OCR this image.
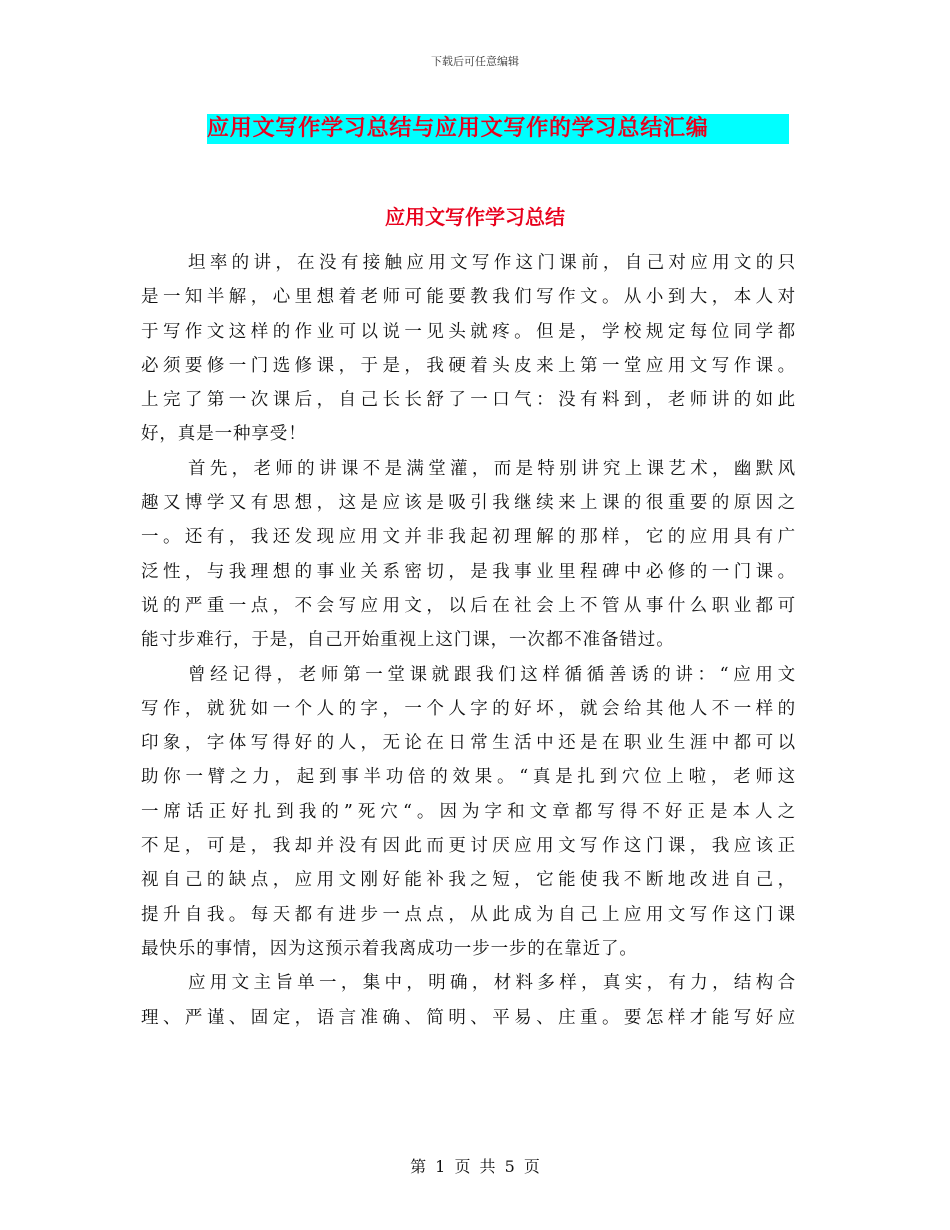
下载后可任意编辑
应用文写作学习总结与应用文写作的学习总结汇编
应用文写作学习总结
坦率的讲，在没有接触应用文写作这门课前，自己对应用文的只
是一知半解，心里想着老师可能要教我们写作文。从小到大，本人对
于写作文这样的作业可以说一见头就疼。但是，学校规定每位同学都
必须要修一门选修课，于是，我硬着头皮来上第一堂应用文写作课。
上完了第一次课后，自己长长舒了一口气：没有料到，老师讲的如此
好，真是一种享受！
首先，老师的讲课不是满堂灌，而是特别讲究上课艺术，幽默风
趣又博学又有思想，这是应该是吸引我继续来上课的很重要的原因之
一。还有，我还发现应用文并非我起初理解的那样，它的应用具有广
泛性，与我理想的事业关系密切，是我事业里程碑中必修的一门课。
说的严重一点，不会写应用文，以后在社会上不管从事什么职业都可
能寸步难行，于是，自己开始重视上这门课，一次都不准备错过。
曾经记得，老师第一堂课就跟我们这样循循善诱的讲：“应用文
写作，就犹如一个人的字，一个人字的好坏，就会给其他人不一样的
印象，字体写得好的人，无论在日常生活中还是在职业生涯中都可以
助你一臂之力，起到事半功倍的效果。“真是扎到穴位上啦，老师这
一席话正好扎到我的”死穴“。因为字和文章都写得不好正是本人之
不足，可是，我却并没有因此而更讨厌应用文写作这门课，我应该正
视自己的缺点，应用文刚好能补我之短，它能使我不断地改进自己，
提升自我。每天都有进步一点点，从此成为自己上应用文写作这门课
最快乐的事情，因为这预示着我离成功一步一步的在靠近了。
应用文主旨单一，集中，明确，材料多样，真实，有力，结构合
理、严谨、固定，语言准确、简明、平易、庄重。要怎样才能写好应
第 1 页 共 5 页
